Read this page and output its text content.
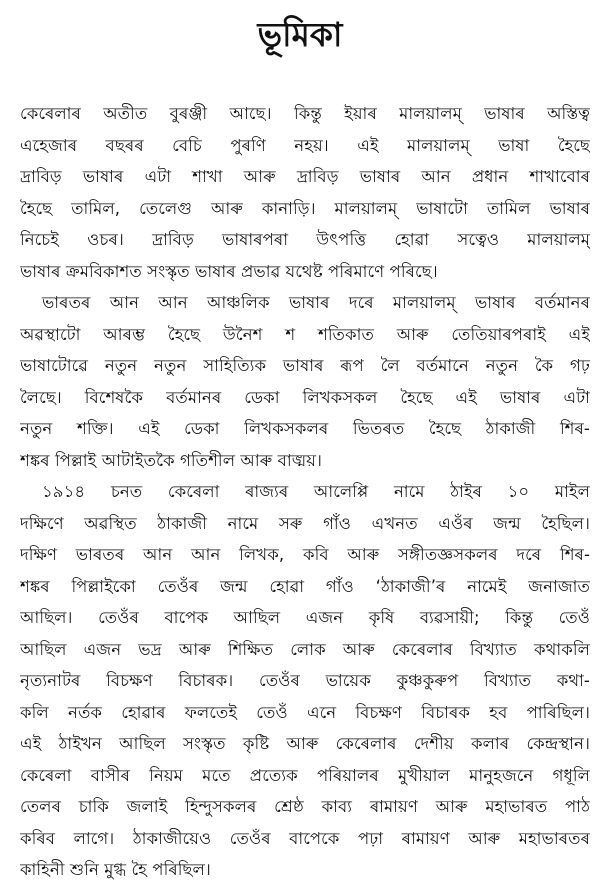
ভূমিকা
কেৰেলাৰ অতীত বুৰঞ্জী আছে। কিন্তু ইয়াৰ মালয়ালম্‌ ভাষাৰ অস্তিত্ব
এহেজাৰ বছৰৰ বেচি পুৰণি নহয়। এই মালয়ালম্‌ ভাষা হৈছে
দ্ৰাবিড় ভাষাৰ এটা শাখা আৰু দ্ৰাবিড় ভাষাৰ আন প্ৰধান শাখাবোৰ
হৈছে তামিল, তেলেগু আৰু কানাড়ি। মালয়ালম্‌ ভাষাটো তামিল ভাষাৰ
নিচেই ওচৰ। দ্ৰাবিড় ভাষাৰপৰা উৎপত্তি হোৱা সত্বেও মালয়ালম্‌
ভাষাৰ ক্ৰমবিকাশত সংস্কৃত ভাষাৰ প্ৰভাৱ যথেষ্ট পৰিমাণে পৰিছে।
ভাৰতৰ আন আন আঞ্চলিক ভাষাৰ দৰে মালয়ালম্‌ ভাষাৰ বৰ্তমানৰ
অৱস্থাটো আৰম্ভ হৈছে উনৈশ শ শতিকাত আৰু তেতিয়াৰপৰাই এই
ভাষাটোৱে নতুন নতুন সাহিত্যিক ভাষাৰ ৰূপ লৈ বৰ্তমানে নতুন কৈ গঢ়
লৈছে। বিশেষকৈ বৰ্তমানৰ ডেকা লিখকসকল হৈছে এই ভাষাৰ এটা
নতুন শক্তি। এই ডেকা লিখকসকলৰ ভিতৰত হৈছে ঠাকাজী শিৰ-
শঙ্কৰ পিল্লাই আটাইতকৈ গতিশীল আৰু বাঙ্ময়।
১৯১৪ চনত কেৰেলা ৰাজ্যৰ আলেপ্পি নামে ঠাইৰ ১০ মাইল
দক্ষিণে অৱস্থিত ঠাকাজী নামে সৰু গাঁও এখনত এওঁৰ জন্ম হৈছিল।
দক্ষিণ ভাৰতৰ আন আন লিখক, কবি আৰু সঙ্গীতজ্ঞসকলৰ দৰে শিৰ-
শঙ্কৰ পিল্লাইকো তেওঁৰ জন্ম হোৱা গাঁও ‘ঠাকাজী’ৰ নামেই জনাজাত
আছিল। তেওঁৰ বাপেক আছিল এজন কৃষি ব্যৱসায়ী; কিন্তু তেওঁ
আছিল এজন ভদ্ৰ আৰু শিক্ষিত লোক আৰু কেৰেলাৰ বিখ্যাত কথাকলি
নৃত্যনাটৰ বিচক্ষণ বিচাৰক। তেওঁৰ ভায়েক কুঞ্চকুৰুপ বিখ্যাত কথা-
কলি নৰ্তক হোৱাৰ ফলতেই তেওঁ এনে বিচক্ষণ বিচাৰক হব পাৰিছিল।
এই ঠাইখন আছিল সংস্কৃত কৃষ্টি আৰু কেৰেলাৰ দেশীয় কলাৰ কেন্দ্ৰস্থান।
কেৰেলা বাসীৰ নিয়ম মতে প্ৰত্যেক পৰিয়ালৰ মুখীয়াল মানুহজনে গধূলি
তেলৰ চাকি জলাই হিন্দুসকলৰ শ্ৰেষ্ঠ কাব্য ৰামায়ণ আৰু মহাভাৰত পাঠ
কৰিব লাগে। ঠাকাজীয়েও তেওঁৰ বাপেকে পঢ়া ৰামায়ণ আৰু মহাভাৰতৰ
কাহিনী শুনি মুগ্ধ হৈ পৰিছিল।
